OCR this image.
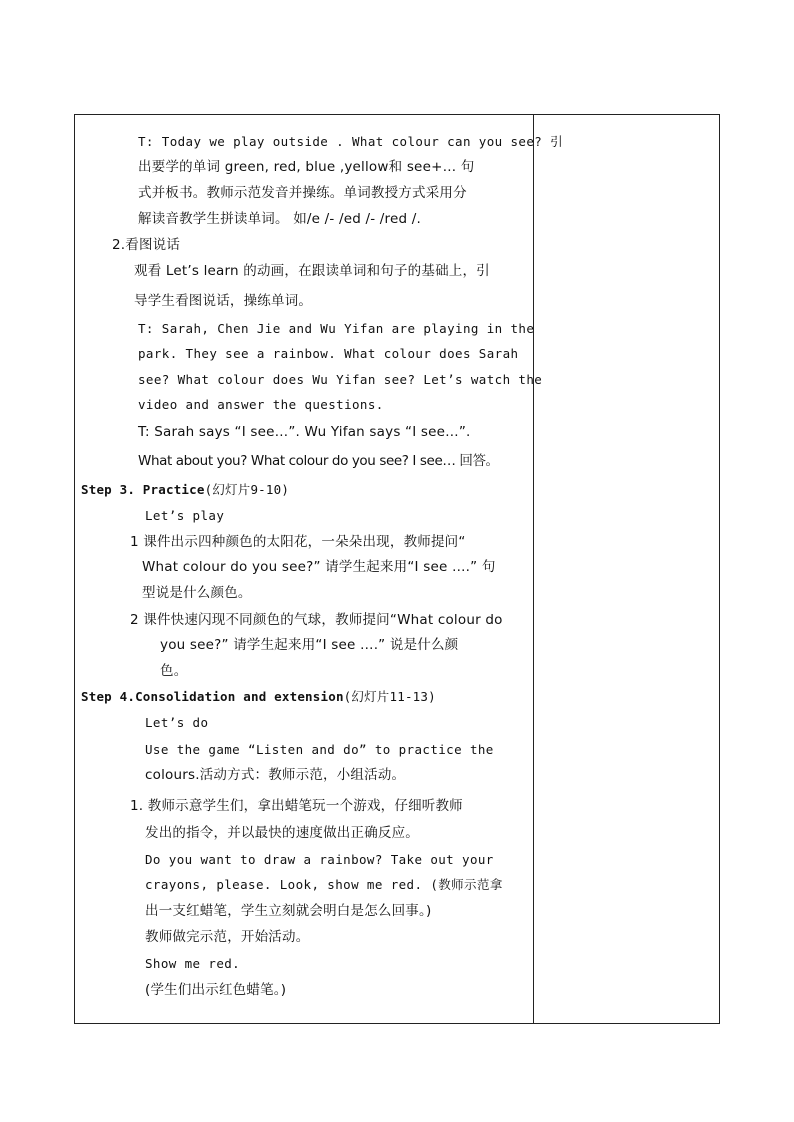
T: Today we play outside . What colour can you see? 引
出要学的单词 green, red, blue ,yellow和 see+… 句
式并板书。教师示范发音并操练。单词教授方式采用分
解读音教学生拼读单词。 如/e /- /ed /- /red /.
2.看图说话
观看 Let’s learn 的动画，在跟读单词和句子的基础上，引
导学生看图说话，操练单词。
T: Sarah, Chen Jie and Wu Yifan are playing in the
park. They see a rainbow. What colour does Sarah
see? What colour does Wu Yifan see? Let’s watch the
video and answer the questions.
T: Sarah says “I see…”. Wu Yifan says “I see…”.
What about you? What colour do you see? I see… 回答。
Step 3. Practice(幻灯片9-10)
Let’s play
1 课件出示四种颜色的太阳花，一朵朵出现，教师提问“
What colour do you see?” 请学生起来用“I see ….” 句
型说是什么颜色。
2 课件快速闪现不同颜色的气球，教师提问“What colour do
you see?” 请学生起来用“I see ….” 说是什么颜
色。
Step 4.Consolidation and extension(幻灯片11-13)
Let’s do
Use the game “Listen and do” to practice the
colours.活动方式：教师示范，小组活动。
1. 教师示意学生们，拿出蜡笔玩一个游戏，仔细听教师
发出的指令，并以最快的速度做出正确反应。
Do you want to draw a rainbow? Take out your
crayons, please. Look, show me red. (教师示范拿
出一支红蜡笔，学生立刻就会明白是怎么回事。)
教师做完示范，开始活动。
Show me red.
(学生们出示红色蜡笔。)
